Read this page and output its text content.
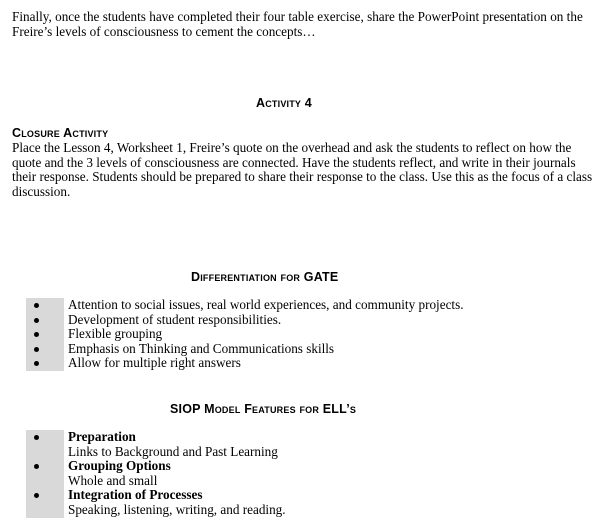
Finally, once the students have completed their four table exercise, share the PowerPoint presentation on the Freire’s levels of consciousness to cement the concepts…
Activity 4
Closure Activity
Place the Lesson 4, Worksheet 1, Freire’s quote on the overhead and ask the students to reflect on how the quote and the 3 levels of consciousness are connected. Have the students reflect, and write in their journals their response. Students should be prepared to share their response to the class. Use this as the focus of a class discussion.
Differentiation for GATE
Attention to social issues, real world experiences, and community projects.
Development of student responsibilities.
Flexible grouping
Emphasis on Thinking and Communications skills
Allow for multiple right answers
SIOP Model Features for ELL’s
Preparation
Links to Background and Past Learning
Grouping Options
Whole and small
Integration of Processes
Speaking, listening, writing, and reading.
